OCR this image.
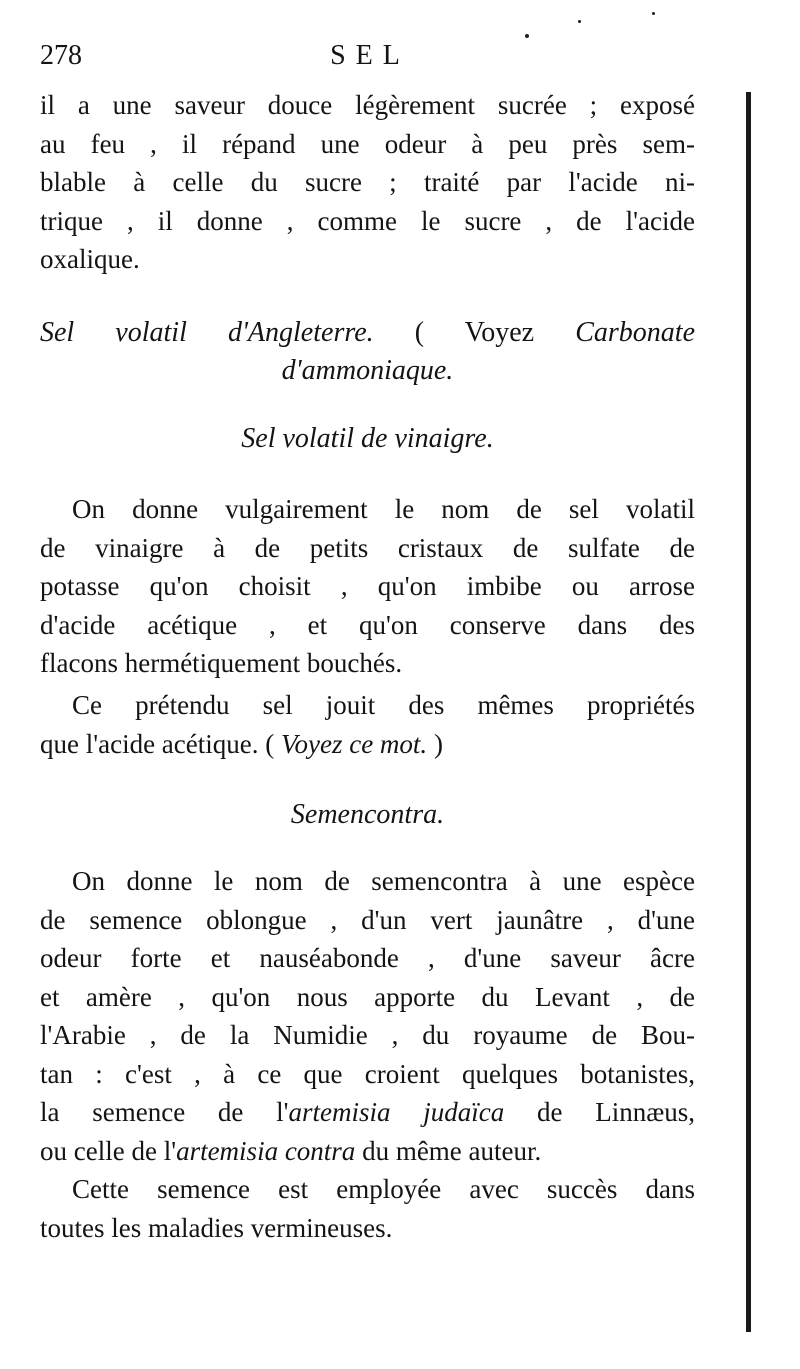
278	SEL
il a une saveur douce légèrement sucrée ; exposé
au feu , il répand une odeur à peu près sem-
blable à celle du sucre ; traité par l'acide ni-
trique , il donne , comme le sucre , de l'acide
oxalique.
Sel volatil d'Angleterre. ( Voyez Carbonate
d'ammoniaque.
Sel volatil de vinaigre.
On donne vulgairement le nom de sel volatil
de vinaigre à de petits cristaux de sulfate de
potasse qu'on choisit , qu'on imbibe ou arrose
d'acide acétique , et qu'on conserve dans des
flacons hermétiquement bouchés.
Ce prétendu sel jouit des mêmes propriétés
que l'acide acétique. ( Voyez ce mot. )
Semencontra.
On donne le nom de semencontra à une espèce
de semence oblongue , d'un vert jaunâtre , d'une
odeur forte et nauséabonde , d'une saveur âcre
et amère , qu'on nous apporte du Levant , de
l'Arabie , de la Numidie , du royaume de Bou-
tan : c'est , à ce que croient quelques botanistes,
la semence de l'artemisia judaïca de Linnæus,
ou celle de l'artemisia contra du même auteur.
Cette semence est employée avec succès dans
toutes les maladies vermineuses.
